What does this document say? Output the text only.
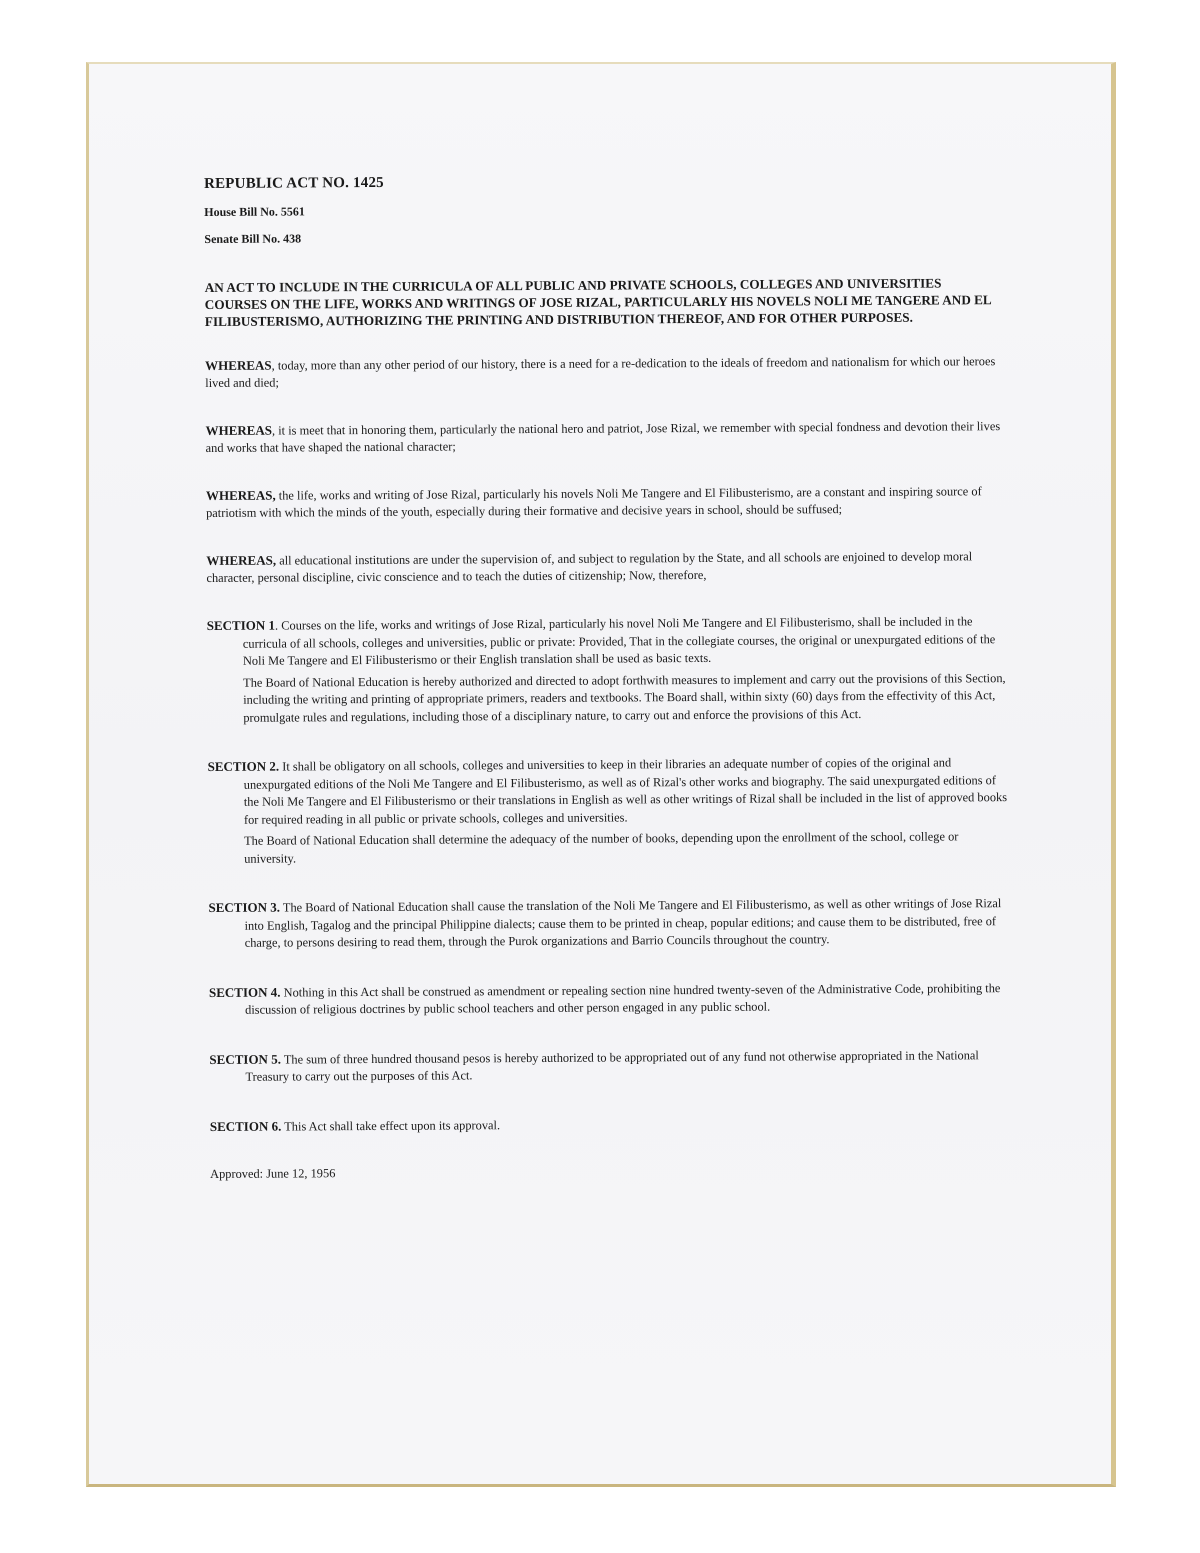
REPUBLIC ACT NO. 1425
House Bill No. 5561
Senate Bill No. 438
AN ACT TO INCLUDE IN THE CURRICULA OF ALL PUBLIC AND PRIVATE SCHOOLS, COLLEGES AND UNIVERSITIES COURSES ON THE LIFE, WORKS AND WRITINGS OF JOSE RIZAL, PARTICULARLY HIS NOVELS NOLI ME TANGERE AND EL FILIBUSTERISMO, AUTHORIZING THE PRINTING AND DISTRIBUTION THEREOF, AND FOR OTHER PURPOSES.

WHEREAS, today, more than any other period of our history, there is a need for a re-dedication to the ideals of freedom and nationalism for which our heroes lived and died;

WHEREAS, it is meet that in honoring them, particularly the national hero and patriot, Jose Rizal, we remember with special fondness and devotion their lives and works that have shaped the national character;

WHEREAS, the life, works and writing of Jose Rizal, particularly his novels Noli Me Tangere and El Filibusterismo, are a constant and inspiring source of patriotism with which the minds of the youth, especially during their formative and decisive years in school, should be suffused;

WHEREAS, all educational institutions are under the supervision of, and subject to regulation by the State, and all schools are enjoined to develop moral character, personal discipline, civic conscience and to teach the duties of citizenship; Now, therefore,

SECTION 1. Courses on the life, works and writings of Jose Rizal, particularly his novel Noli Me Tangere and El Filibusterismo, shall be included in the curricula of all schools, colleges and universities, public or private: Provided, That in the collegiate courses, the original or unexpurgated editions of the Noli Me Tangere and El Filibusterismo or their English translation shall be used as basic texts.

The Board of National Education is hereby authorized and directed to adopt forthwith measures to implement and carry out the provisions of this Section, including the writing and printing of appropriate primers, readers and textbooks. The Board shall, within sixty (60) days from the effectivity of this Act, promulgate rules and regulations, including those of a disciplinary nature, to carry out and enforce the provisions of this Act.

SECTION 2. It shall be obligatory on all schools, colleges and universities to keep in their libraries an adequate number of copies of the original and unexpurgated editions of the Noli Me Tangere and El Filibusterismo, as well as of Rizal's other works and biography. The said unexpurgated editions of the Noli Me Tangere and El Filibusterismo or their translations in English as well as other writings of Rizal shall be included in the list of approved books for required reading in all public or private schools, colleges and universities.

The Board of National Education shall determine the adequacy of the number of books, depending upon the enrollment of the school, college or university.

SECTION 3. The Board of National Education shall cause the translation of the Noli Me Tangere and El Filibusterismo, as well as other writings of Jose Rizal into English, Tagalog and the principal Philippine dialects; cause them to be printed in cheap, popular editions; and cause them to be distributed, free of charge, to persons desiring to read them, through the Purok organizations and Barrio Councils throughout the country.

SECTION 4. Nothing in this Act shall be construed as amendment or repealing section nine hundred twenty-seven of the Administrative Code, prohibiting the discussion of religious doctrines by public school teachers and other person engaged in any public school.

SECTION 5. The sum of three hundred thousand pesos is hereby authorized to be appropriated out of any fund not otherwise appropriated in the National Treasury to carry out the purposes of this Act.

SECTION 6. This Act shall take effect upon its approval.

Approved: June 12, 1956
